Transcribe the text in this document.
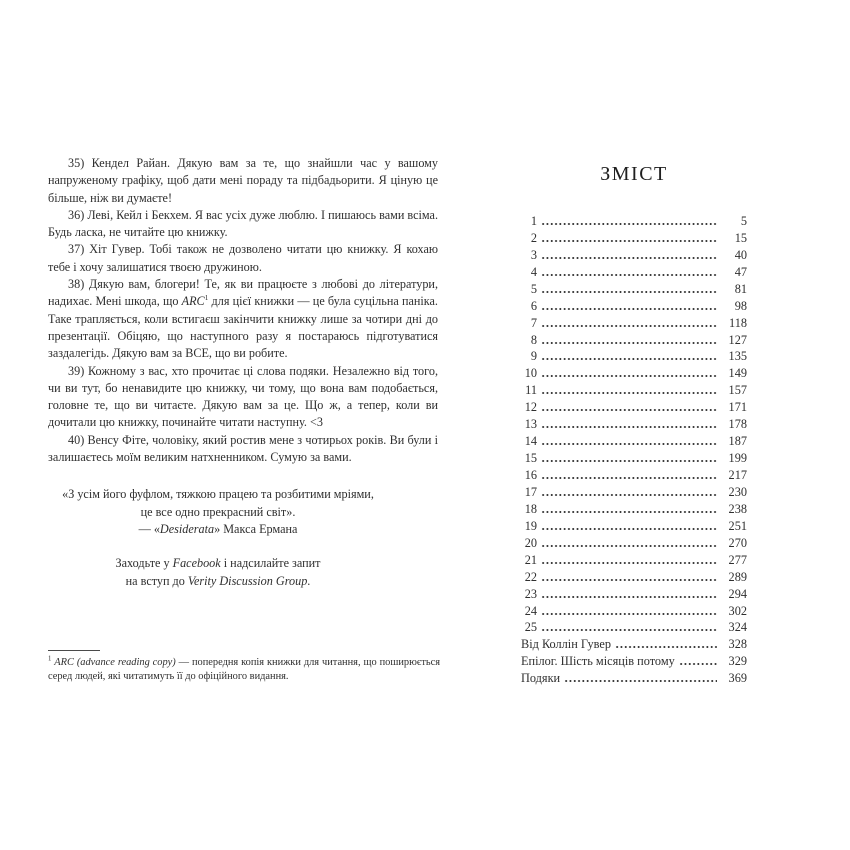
35) Кендел Райан. Дякую вам за те, що знайшли час у вашому напруженому графіку, щоб дати мені пораду та підбадьорити. Я ціную це більше, ніж ви думаєте!

36) Леві, Кейл і Бекхем. Я вас усіх дуже люблю. І пишаюсь вами всіма. Будь ласка, не читайте цю книжку.

37) Хіт Гувер. Тобі також не дозволено читати цю книжку. Я кохаю тебе і хочу залишатися твоєю дружиною.

38) Дякую вам, блогери! Те, як ви працюєте з любові до літератури, надихає. Мені шкода, що ARC$^1$ для цієї книжки — це була суцільна паніка. Таке трапляється, коли встигаєш закінчити книжку лише за чотири дні до презентації. Обіцяю, що наступного разу я постараюсь підготуватися заздалегідь. Дякую вам за ВСЕ, що ви робите.

39) Кожному з вас, хто прочитає ці слова подяки. Незалежно від того, чи ви тут, бо ненавидите цю книжку, чи тому, що вона вам подобається, головне те, що ви читаєте. Дякую вам за це. Що ж, а тепер, коли ви дочитали цю книжку, починайте читати наступну. <3

40) Венсу Фіте, чоловіку, який ростив мене з чотирьох років. Ви були і залишаєтесь моїм великим натхненником. Сумую за вами.

«З усім його фуфлом, тяжкою працею та розбитими мріями,
це все одно прекрасний світ».
— «Desiderata» Макса Ермана
Заходьте у Facebook і надсилайте запит
на вступ до Verity Discussion Group.
$^1$ ARC (advance reading copy) — попередня копія книжки для читання, що поширюється серед людей, які читатимуть її до офіційного видання.
ЗМІСТ
1	5
2	15
3	40
4	47
5	81
6	98
7	118
8	127
9	135
10	149
11	157
12	171
13	178
14	187
15	199
16	217
17	230
18	238
19	251
20	270
21	277
22	289
23	294
24	302
25	324
Від Коллін Гувер	328
Епілог. Шість місяців потому	329
Подяки	369
